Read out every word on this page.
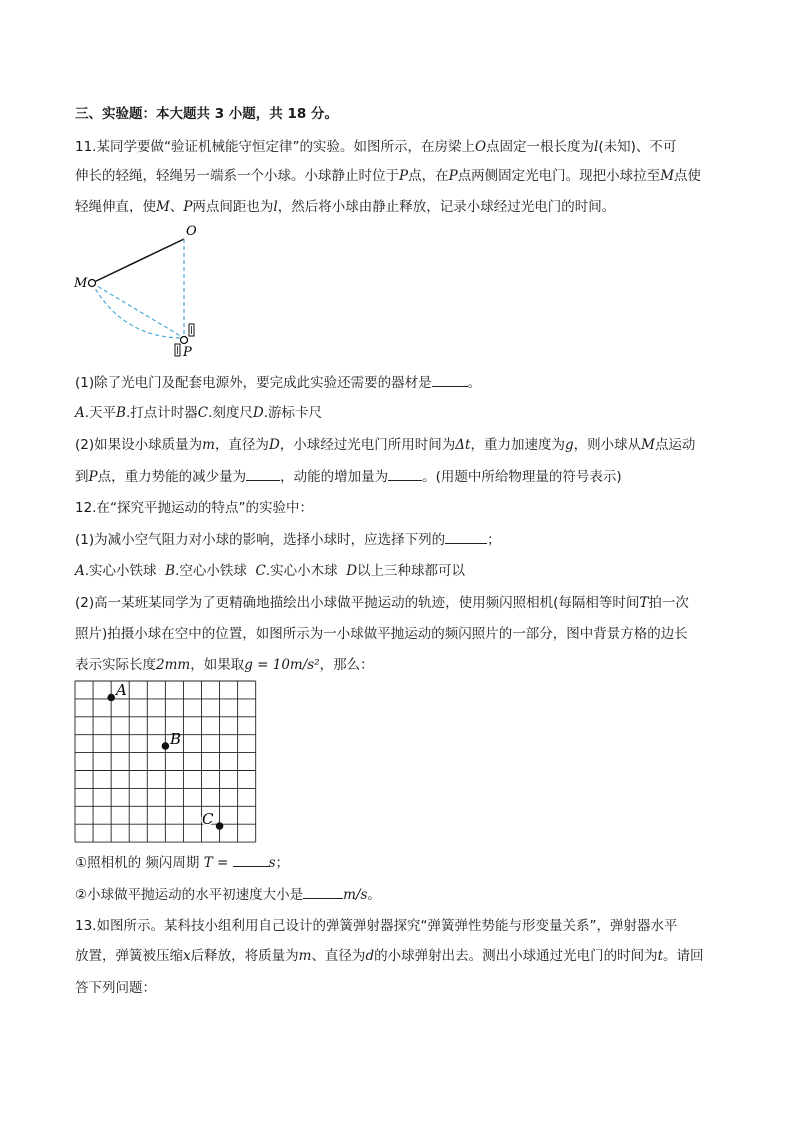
三、实验题：本大题共 3 小题，共 18 分。
11.某同学要做“验证机械能守恒定律”的实验。如图所示，在房梁上O点固定一根长度为l(未知)、不可
伸长的轻绳，轻绳另一端系一个小球。小球静止时位于P点，在P点两侧固定光电门。现把小球拉至M点使
轻绳伸直，使M、P两点间距也为l，然后将小球由静止释放，记录小球经过光电门的时间。
O
M
P
(1)除了光电门及配套电源外，要完成此实验还需要的器材是	。
A.天平B.打点计时器C.刻度尺D.游标卡尺
(2)如果设小球质量为m，直径为D，小球经过光电门所用时间为Δt，重力加速度为g，则小球从M点运动
到P点，重力势能的减少量为	，动能的增加量为	。(用题中所给物理量的符号表示)
12.在“探究平抛运动的特点”的实验中：
(1)为减小空气阻力对小球的影响，选择小球时，应选择下列的	；
A.实心小铁球 B.空心小铁球 C.实心小木球 D以上三种球都可以
(2)高一某班某同学为了更精确地描绘出小球做平抛运动的轨迹，使用频闪照相机(每隔相等时间T拍一次
照片)拍摄小球在空中的位置，如图所示为一小球做平抛运动的频闪照片的一部分，图中背景方格的边长
表示实际长度2mm，如果取g = 10m/s²，那么：
A
B
C
①照相机的 频闪周期 T =	s；
②小球做平抛运动的水平初速度大小是	m/s。
13.如图所示。某科技小组利用自己设计的弹簧弹射器探究“弹簧弹性势能与形变量关系”，弹射器水平
放置，弹簧被压缩x后释放，将质量为m、直径为d的小球弹射出去。测出小球通过光电门的时间为t。请回
答下列问题：
